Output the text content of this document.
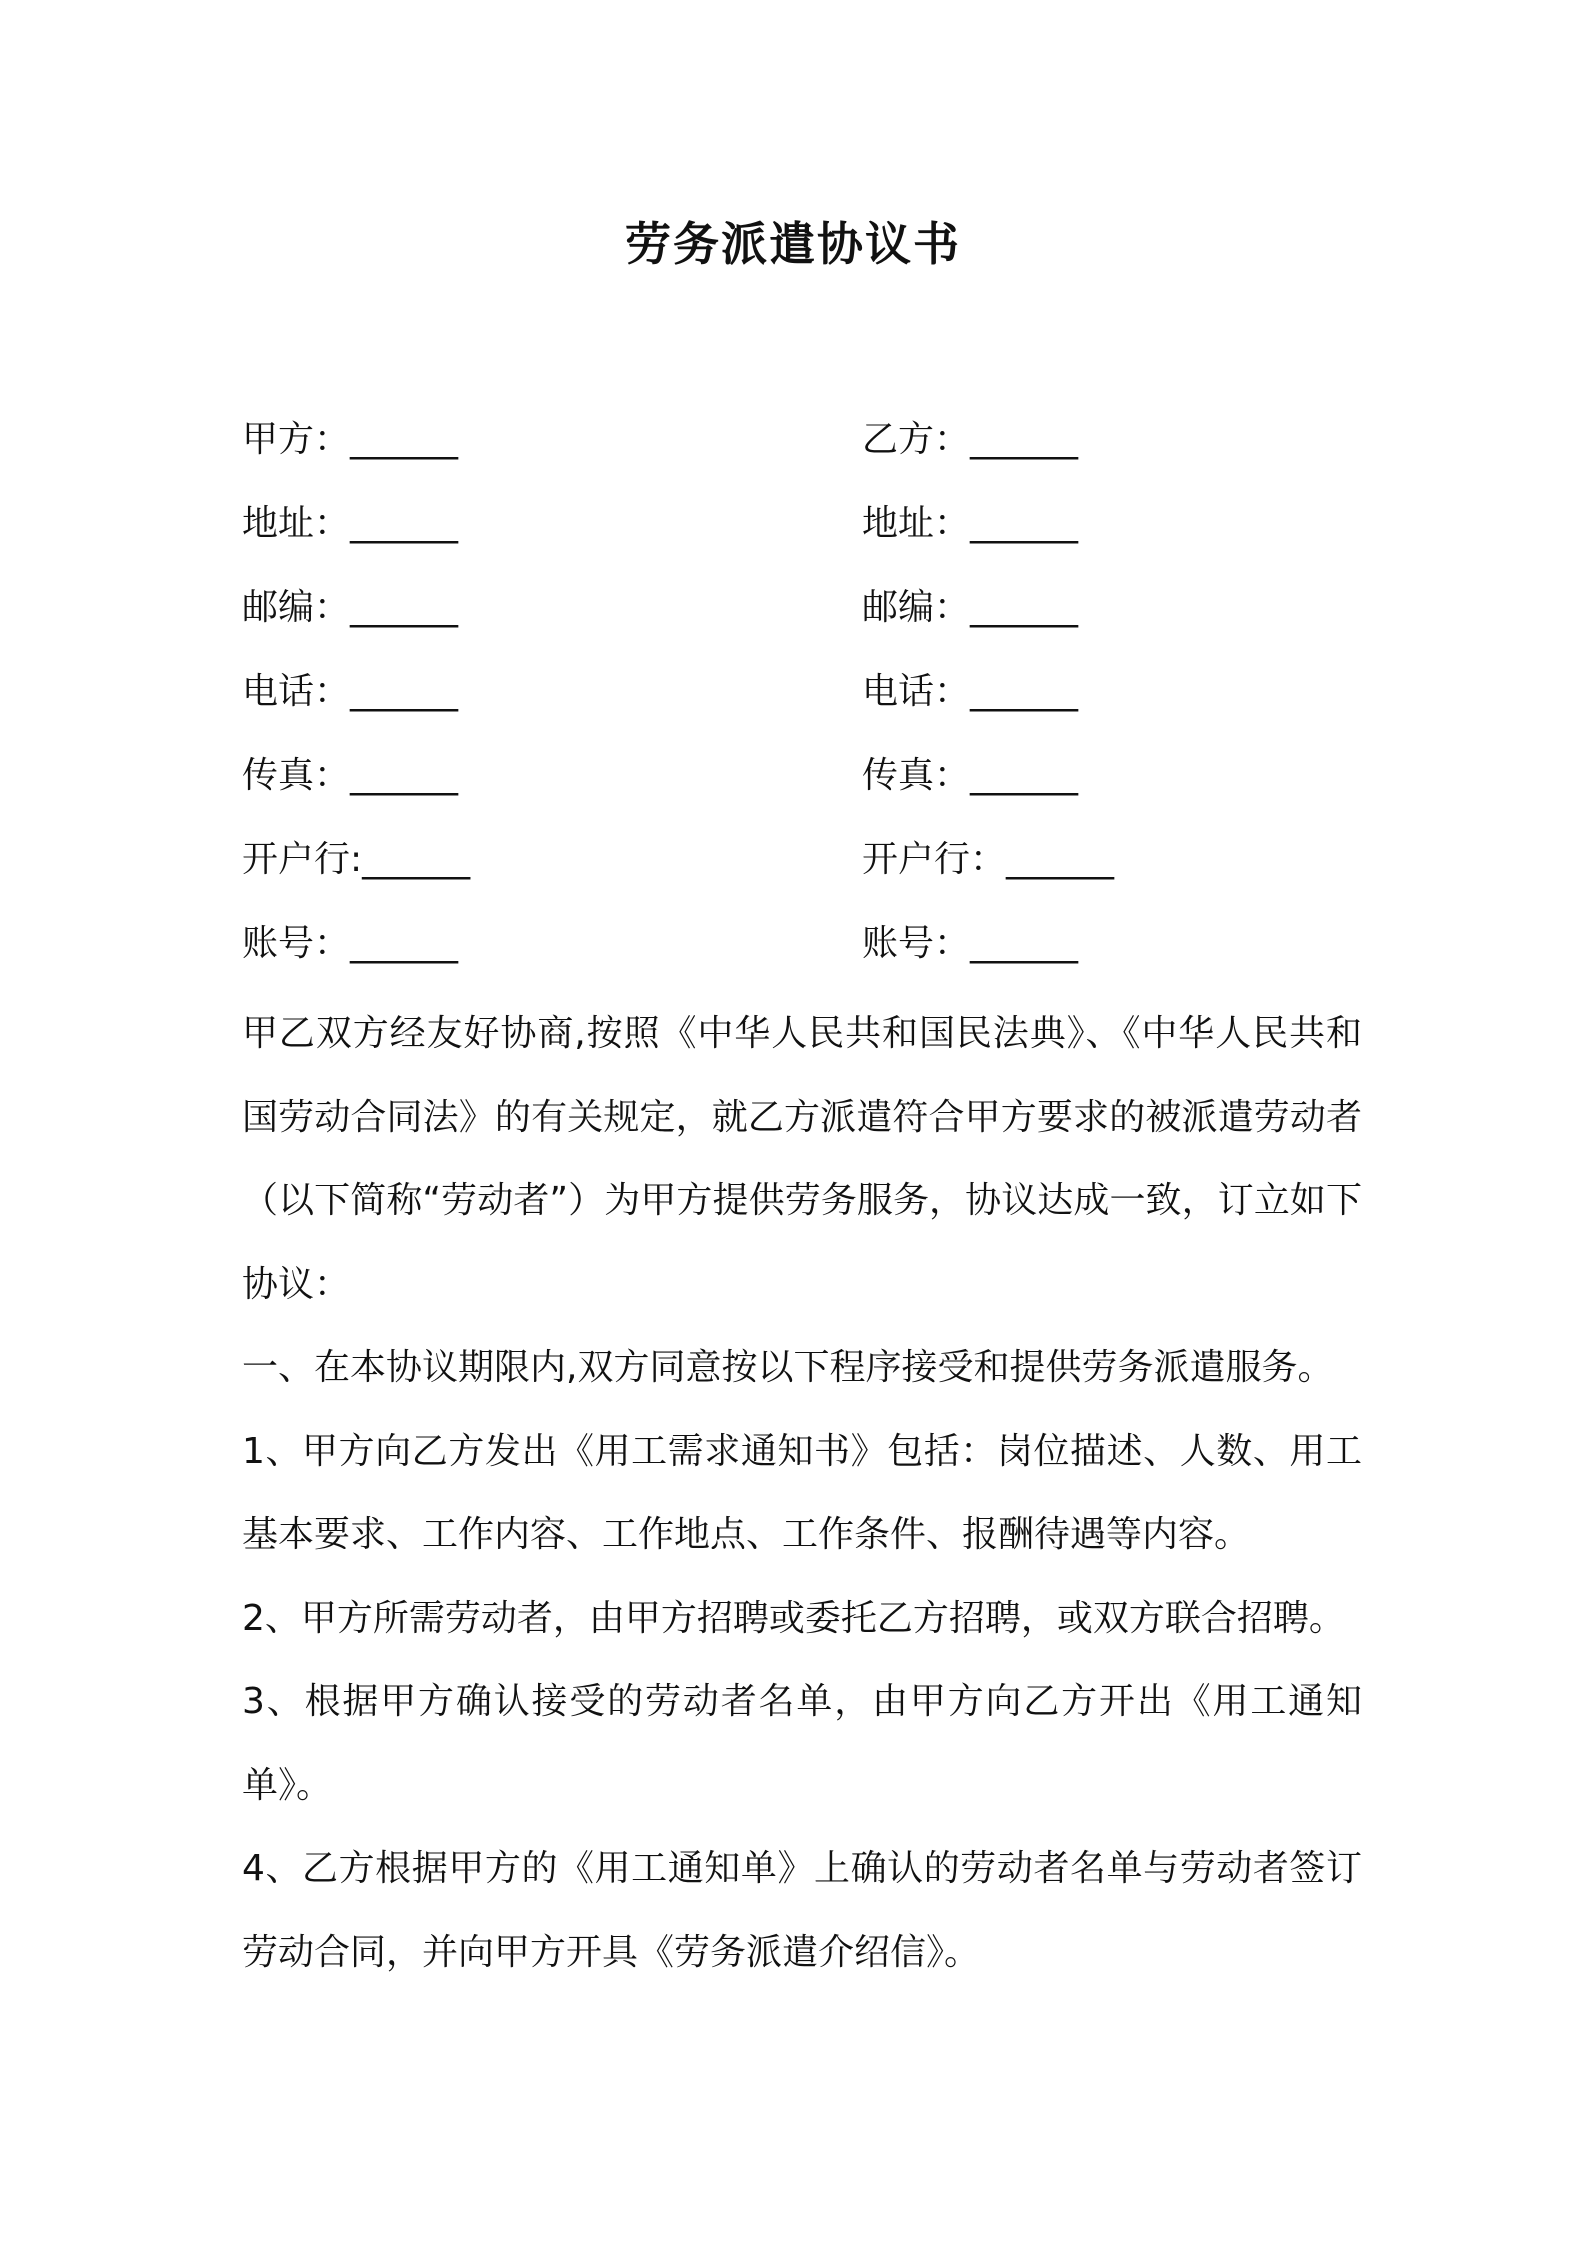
劳务派遣协议书
甲方：______	乙方：______
地址：______	地址：______
邮编：______	邮编：______
电话：______	电话：______
传真：______	传真：______
开户行:______	开户行：______
账号：______	账号：______

甲乙双方经友好协商,按照《中华人民共和国民法典》、《中华人民共和国劳动合同法》的有关规定，就乙方派遣符合甲方要求的被派遣劳动者（以下简称“劳动者”）为甲方提供劳务服务，协议达成一致，订立如下协议：

一、在本协议期限内,双方同意按以下程序接受和提供劳务派遣服务。

1、甲方向乙方发出《用工需求通知书》包括：岗位描述、人数、用工基本要求、工作内容、工作地点、工作条件、报酬待遇等内容。

2、甲方所需劳动者，由甲方招聘或委托乙方招聘，或双方联合招聘。

3、根据甲方确认接受的劳动者名单，由甲方向乙方开出《用工通知单》。

4、乙方根据甲方的《用工通知单》上确认的劳动者名单与劳动者签订劳动合同，并向甲方开具《劳务派遣介绍信》。
